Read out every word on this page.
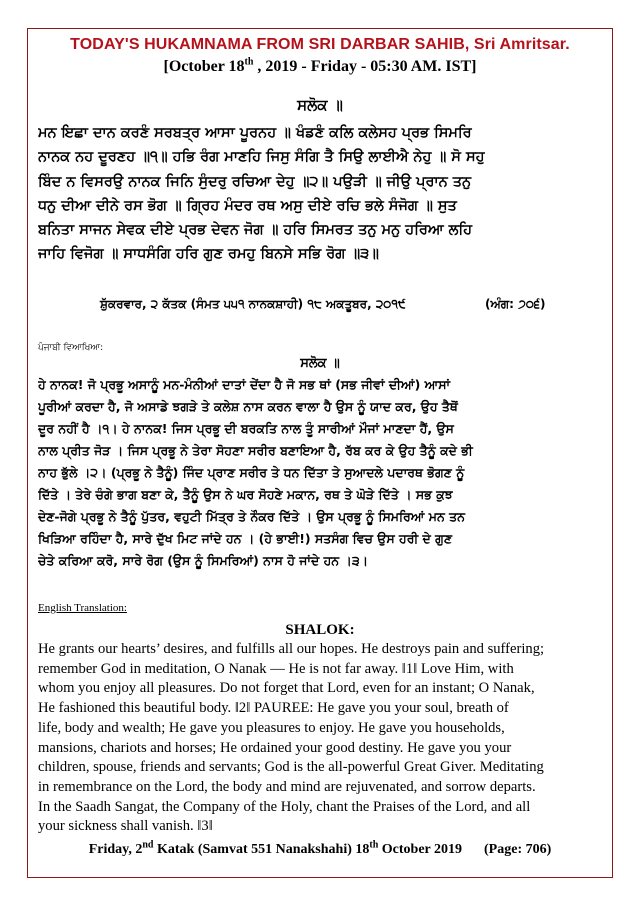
TODAY'S HUKAMNAMA FROM SRI DARBAR SAHIB, Sri Amritsar.
[October 18th , 2019 - Friday - 05:30 AM. IST]
ਸਲੋਕ ॥
ਮਨ ਇਛਾ ਦਾਨ ਕਰਣੰ ਸਰਬਤ੍ਰ ਆਸਾ ਪੂਰਨਹ ॥ ਖੰਡਣੰ ਕਲਿ ਕਲੇਸਹ ਪ੍ਰਭ ਸਿਮਰਿ
ਨਾਨਕ ਨਹ ਦੂਰਣਹ ॥੧॥ ਹਭਿ ਰੰਗ ਮਾਣਹਿ ਜਿਸੁ ਸੰਗਿ ਤੈ ਸਿਉ ਲਾਈਐ ਨੇਹੁ ॥ ਸੋ ਸਹੁ
ਬਿੰਦ ਨ ਵਿਸਰਉ ਨਾਨਕ ਜਿਨਿ ਸੁੰਦਰੁ ਰਚਿਆ ਦੇਹੁ ॥੨॥ ਪਉੜੀ ॥ ਜੀਉ ਪ੍ਰਾਨ ਤਨੁ
ਧਨੁ ਦੀਆ ਦੀਨੇ ਰਸ ਭੋਗ ॥ ਗ੍ਰਿਹ ਮੰਦਰ ਰਥ ਅਸੁ ਦੀਏ ਰਚਿ ਭਲੇ ਸੰਜੋਗ ॥ ਸੁਤ
ਬਨਿਤਾ ਸਾਜਨ ਸੇਵਕ ਦੀਏ ਪ੍ਰਭ ਦੇਵਨ ਜੋਗ ॥ ਹਰਿ ਸਿਮਰਤ ਤਨੁ ਮਨੁ ਹਰਿਆ ਲਹਿ
ਜਾਹਿ ਵਿਜੋਗ ॥ ਸਾਧਸੰਗਿ ਹਰਿ ਗੁਣ ਰਮਹੁ ਬਿਨਸੇ ਸਭਿ ਰੋਗ ॥੩॥
ਸ਼ੁੱਕਰਵਾਰ, ੨ ਕੱਤਕ (ਸੰਮਤ ੫੫੧ ਨਾਨਕਸ਼ਾਹੀ) ੧੮ ਅਕਤੂਬਰ, ੨੦੧੯	(ਅੰਗ: ੭੦੬)
ਪੰਜਾਬੀ ਵਿਆਖਿਆ:
ਸਲੋਕ ॥
ਹੇ ਨਾਨਕ! ਜੋ ਪ੍ਰਭੂ ਅਸਾਨੂੰ ਮਨ-ਮੰਨੀਆਂ ਦਾਤਾਂ ਦੇਂਦਾ ਹੈ ਜੋ ਸਭ ਥਾਂ (ਸਭ ਜੀਵਾਂ ਦੀਆਂ) ਆਸਾਂ
ਪੂਰੀਆਂ ਕਰਦਾ ਹੈ, ਜੋ ਅਸਾਡੇ ਝਗੜੇ ਤੇ ਕਲੇਸ਼ ਨਾਸ ਕਰਨ ਵਾਲਾ ਹੈ ਉਸ ਨੂੰ ਯਾਦ ਕਰ, ਉਹ ਤੈਥੋਂ
ਦੂਰ ਨਹੀਂ ਹੈ ।੧। ਹੇ ਨਾਨਕ! ਜਿਸ ਪ੍ਰਭੂ ਦੀ ਬਰਕਤਿ ਨਾਲ ਤੂੰ ਸਾਰੀਆਂ ਮੌਜਾਂ ਮਾਣਦਾ ਹੈਂ, ਉਸ
ਨਾਲ ਪ੍ਰੀਤ ਜੋੜ । ਜਿਸ ਪ੍ਰਭੂ ਨੇ ਤੇਰਾ ਸੋਹਣਾ ਸਰੀਰ ਬਣਾਇਆ ਹੈ, ਰੱਬ ਕਰ ਕੇ ਉਹ ਤੈਨੂੰ ਕਦੇ ਭੀ
ਨਾਹ ਭੁੱਲੇ ।੨। (ਪ੍ਰਭੂ ਨੇ ਤੈਨੂੰ) ਜਿੰਦ ਪ੍ਰਾਣ ਸਰੀਰ ਤੇ ਧਨ ਦਿੱਤਾ ਤੇ ਸੁਆਦਲੇ ਪਦਾਰਥ ਭੋਗਣ ਨੂੰ
ਦਿੱਤੇ । ਤੇਰੇ ਚੰਗੇ ਭਾਗ ਬਣਾ ਕੇ, ਤੈਨੂੰ ਉਸ ਨੇ ਘਰ ਸੋਹਣੇ ਮਕਾਨ, ਰਥ ਤੇ ਘੋੜੇ ਦਿੱਤੇ । ਸਭ ਕੁਝ
ਦੇਣ-ਜੋਗੇ ਪ੍ਰਭੂ ਨੇ ਤੈਨੂੰ ਪੁੱਤਰ, ਵਹੁਟੀ ਮਿੱਤ੍ਰ ਤੇ ਨੌਕਰ ਦਿੱਤੇ । ਉਸ ਪ੍ਰਭੂ ਨੂੰ ਸਿਮਰਿਆਂ ਮਨ ਤਨ
ਖਿੜਿਆ ਰਹਿੰਦਾ ਹੈ, ਸਾਰੇ ਦੁੱਖ ਮਿਟ ਜਾਂਦੇ ਹਨ । (ਹੇ ਭਾਈ!) ਸਤਸੰਗ ਵਿਚ ਉਸ ਹਰੀ ਦੇ ਗੁਣ
ਚੇਤੇ ਕਰਿਆ ਕਰੋ, ਸਾਰੇ ਰੋਗ (ਉਸ ਨੂੰ ਸਿਮਰਿਆਂ) ਨਾਸ ਹੋ ਜਾਂਦੇ ਹਨ ।੩।
English Translation:
SHALOK:
He grants our hearts’ desires, and fulfills all our hopes. He destroys pain and suffering;
remember God in meditation, O Nanak — He is not far away. ‖1‖ Love Him, with
whom you enjoy all pleasures. Do not forget that Lord, even for an instant; O Nanak,
He fashioned this beautiful body. ‖2‖ PAUREE: He gave you your soul, breath of
life, body and wealth; He gave you pleasures to enjoy. He gave you households,
mansions, chariots and horses; He ordained your good destiny. He gave you your
children, spouse, friends and servants; God is the all-powerful Great Giver. Meditating
in remembrance on the Lord, the body and mind are rejuvenated, and sorrow departs.
In the Saadh Sangat, the Company of the Holy, chant the Praises of the Lord, and all
your sickness shall vanish. ‖3‖
Friday, 2nd Katak (Samvat 551 Nanakshahi) 18th October 2019 (Page: 706)
